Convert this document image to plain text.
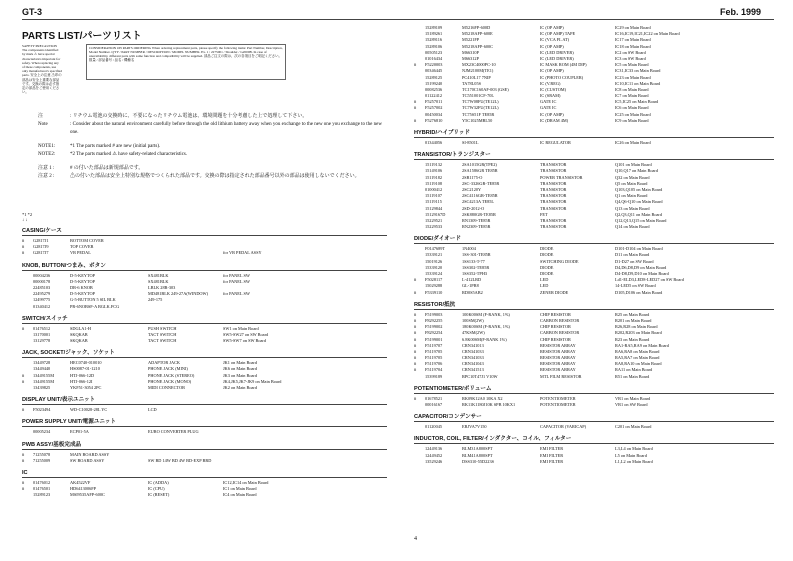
GT-3	Feb. 1999
PARTS LIST/パーツリスト
SAFETY PRECAUTION The components identified by mark ⚠ have special characteristics important for safety. When replacing any of these components, use only manufacturer's specified parts. 安全上の注意 ⚠印の部品は安全上重要な部品です。交換の際は必ず指定の部品をご使用ください。
CONSIDERATION ON PARTS ORDERING When ordering replacement parts, please specify the following items: Part Number, Description, Model Number. Q'TY / PART NUMBER / DESCRIPTION / MODEL NUMBER. Ex. 1 / 2275001 / Shoulder / G2000B. In case of unavailability, different parts with same function and compatibility will be supplied. 部品ご注文の際は、次の各項目をご明記ください。数量 / 部品番号 / 品名 / 機種名
注	: リチウム電池の交換時に、不要になったリチウム電池は、環境問題を十分考慮した上で処理して下さい。
Note	: Consider about the natural environment carefully before through the old lithium battery away when you exchange to the new one you exchange to the new one.
NOTE1:	*1 The parts marked # are new (initial parts).
NOTE2:	*2 The parts marked ⚠ have safety-related characteristics.
注意 1 :	# の付いた部品は新規部品です。
注意 2 :	⚠の付いた部品は安全上特別な規格でつくられた部品です。交換の際は指定された部品番号以外の部品は使用しないでください。
*1 *2
↓ ↓
CASING/ケース
#	G2817J1	BOTTOM COVER
#	G2817J9	TOP COVER
#	G2817J7	VR PEDAL	for VR PEDAL ASSY
KNOB, BUTTON/つまみ、ボタン
00004236	D-5-KEYTOP	SX481BLK	for PANEL SW
00000178	D-5-KEYTOP	SX481BLK	for PANEL SW
22485103	DR-6 KNOB	LBLK 28R-303
22495279	D-5-KEYTOP	MD481BLK 249-27A(WINDOW)	for PANEL SW
12499775	G-5-BUTTON 5 SIL BLK	249-175
01340412	PR-6NOBSF-A BGLK.FCG
SWITCH/スイッチ
#	01476512	SDGLA1-H	PUSH SWITCH	SW1 on Main Board
13170001	SKQKAB	TACT SWITCH	SW5-SW27 on SW Board
13129778	SKQKAB	TACT SWITCH	SW5-SW7 on SW Board
JACK, SOCKET/ジャック、ソケット
13449728	HEC0740-010010	ADAPTOR JACK	JK1 on Main Board
13449440	HS0087-01-1210	PHONE JACK (MINI)	JK6 on Main Board
#	13449155M	HTJ-066-12D	PHONE JACK (STEREO)	JK3 on Main Board
#	13449155M	HTJ-066-12I	PHONE JACK (MONO)	JK4,JK5,JK7-JK9 on Main Board
13439825	YKF51-3054 2PC	MIDI CONNECTOR	JK2 on Main Board
DISPLAY UNIT/表示ユニット
#	F5023494	WD-C10028-28L YC	LCD
POWER SUPPLY UNIT/電源ユニット
00005234	ECP01-5A	EURO CONVERTER PLUG
PWB ASSY/基板完成品
#	71255078	MAIN BOARD ASSY
#	71255009	SW BOARD ASSY	SW BD 14W BD 4W BD-EXP BRD
IC
#	01476012	AK4522VF	IC (ADDA)	IC12,IC14 on Main Board
#	01476501	HD6413006FP	IC (CPU)	IC1 on Main Board
15289123	MSI9535AFP-600C	IC (RESET)	IC4 on Main Board
15289109	M5216FP-600D	IC (OP AMP)	IC29 on Main Board
15189261	M5218AFP-600E	IC (OP AMP) TAPE	IC16,IC19,IC21,IC22 on Main Board
15289116	M5221FP	IC (VCA FL AT)	IC17 on Main Board
15289106	M5218AFP-600C	IC (OP AMP)	IC18 on Main Board
00505123	M66310P	IC (LED DRIVER)	IC2 on SW Board
01016434	M66312P	IC (LED DRIVER)	IC3 on SW Board
#	F5220003	MX23C4000PC-10	IC MASK ROM (4M DIP)	IC5 on Main Board
00346445	NJM2100M(TE1)	IC (OP AMP)	IC31,IC33 on Main Board
15289125	PC410L17 7NIP	IC (PHOTO COUPLER)	IC23 on Main Board
15199240	TA78L05S	IC (V.REG)	IC10,IC11 on Main Board
00082536	TC170C160AF-003 (GSE)	IC (CUSTOM)	IC8 on Main Board
01122412	TC551001CF-70L	IC (SRAM)	IC7 on Main Board
#	F5257011	TC7W08FU(TE12L)	GATE IC	IC5,IC25 on Main Board
#	F5257002	TC7W32FU(TE12L)	GATE IC	IC6 on Main Board
00450034	TC75S51F TE85R	IC (OP AMP)	IC25 on Main Board
#	F5276810	Y5C1025MBL50	IC (DRAM 4M)	IC9 on Main Board
HYBRID/ハイブリッド
01344056	SI-8501L	IC REGULATOR	IC26 on Main Board
TRANSISTOR/トランジスター
15119132	2SA1015GR(TPE2)	TRANSISTOR	Q101 on Main Board
15149106	2SA1586GR TE85R	TRANSISTOR	Q10,Q17 on Main Board
15119182	2SB1175-O	POWER TRANSISTOR	Q32 on Main Board
15119108	2SC-3326GR-TE85R	TRANSISTOR	Q5 on Main Board
01000412	2SC2120Y	TRANSISTOR	Q103,Q105 on Main Board
15119107	2SC4116GR-TE85R	TRANSISTOR	Q1 on Main Board
15119115	2SC4213A TE85L	TRANSISTOR	Q4,Q6-Q10 on Main Board
15129844	2SD-2012-O	TRANSISTOR	Q13 on Main Board
15129167D	2SK880GR-TE85R	FET	Q2,Q3,Q11 on Main Board
15229521	RN1309-TE85R	TRANSISTOR	Q12,Q13,Q15 on Main Board
15229533	RN2309-TE85R	TRANSISTOR	Q14 on Main Board
DIODE/ダイオード
F0147689T	1N4004	DIODE	D101-D104 on Main Board
15339121	1SS-301-TE85R	DIODE	D11 on Main Board
15019126	1SS133-T-77	SWITCHING DIODE	D1-D27 on SW Board
15339120	1SS302-TE85R	DIODE	D4,D6,D8,D9 on Main Board
15339124	1SS352-TPH3	DIODE	D4-D8,D9,D10 on Main Board
#	F5028117	L-412LRD	LED	Ld1-ELD3,LED8-LED27 on SW Board
15029288	GL-1PR8	LED	14-LED5 on SW Board
#	F5339110	RD0S5AB2	ZENER DIODE	D105,D106 on Main Board
RESISTOR/抵抗
#	F5199003	100K00SM (F-RANK, 1%)	CHIP RESISTOR	R25 on Main Board
#	F8292255	100SM(2W)	CARBON RESISTOR	R201 on Main Board
#	F5199002	180K00SM (F-RANK, 1%)	CHIP RESISTOR	R26,R28 on Main Board
#	F8292254	47KSM(2W)	CARBON RESISTOR	R202,R203 on Main Board
#	F5199001	6.8K00SM(F-RANK 1%)	CHIP RESISTOR	R23 on Main Board
#	F5119707	CRN341013	RESISTOR ARRAY	RA1-RA5,RA9 on Main Board
#	F5119705	CRN341033	RESISTOR ARRAY	RA6,RA8 on Main Board
#	F5119705	CRN341033	RESISTOR ARRAY	RA5,RA7 on Main Board
#	F5119706	CRN341043	RESISTOR ARRAY	RA8,RA10 on Main Board
#	F5119704	CRN341513	RESISTOR ARRAY	RA11 on Main Board
15399189	RPC10T47J1 V10W	MTL FILM RESISTOR	R51 on Main Board
POTENTIOMETER/ボリューム
#	01678521	RK09K12A0 10KA X2	POTENTIOMETER	VR1 on Main Board
00016167	RK11K1180J10K SPB 10KX1	POTENTIOMETER	VR1 on SW Board
CAPACITOR/コンデンサー
01120045	ERJVA7V150	CAPACITOR (VARICAP)	C201 on Main Board
INDUCTOR, COIL, FILTER/インダクター、コイル、フィルター
12449136	BLM31A800SPT	EMI FILTER	L3,L4 on Main Board
12449452	BLM41A800SPT	EMI FILTER	L5 on Main Board
13529246	DSS310-55D223S	EMI FILTER	L1,L2 on Main Board
4
